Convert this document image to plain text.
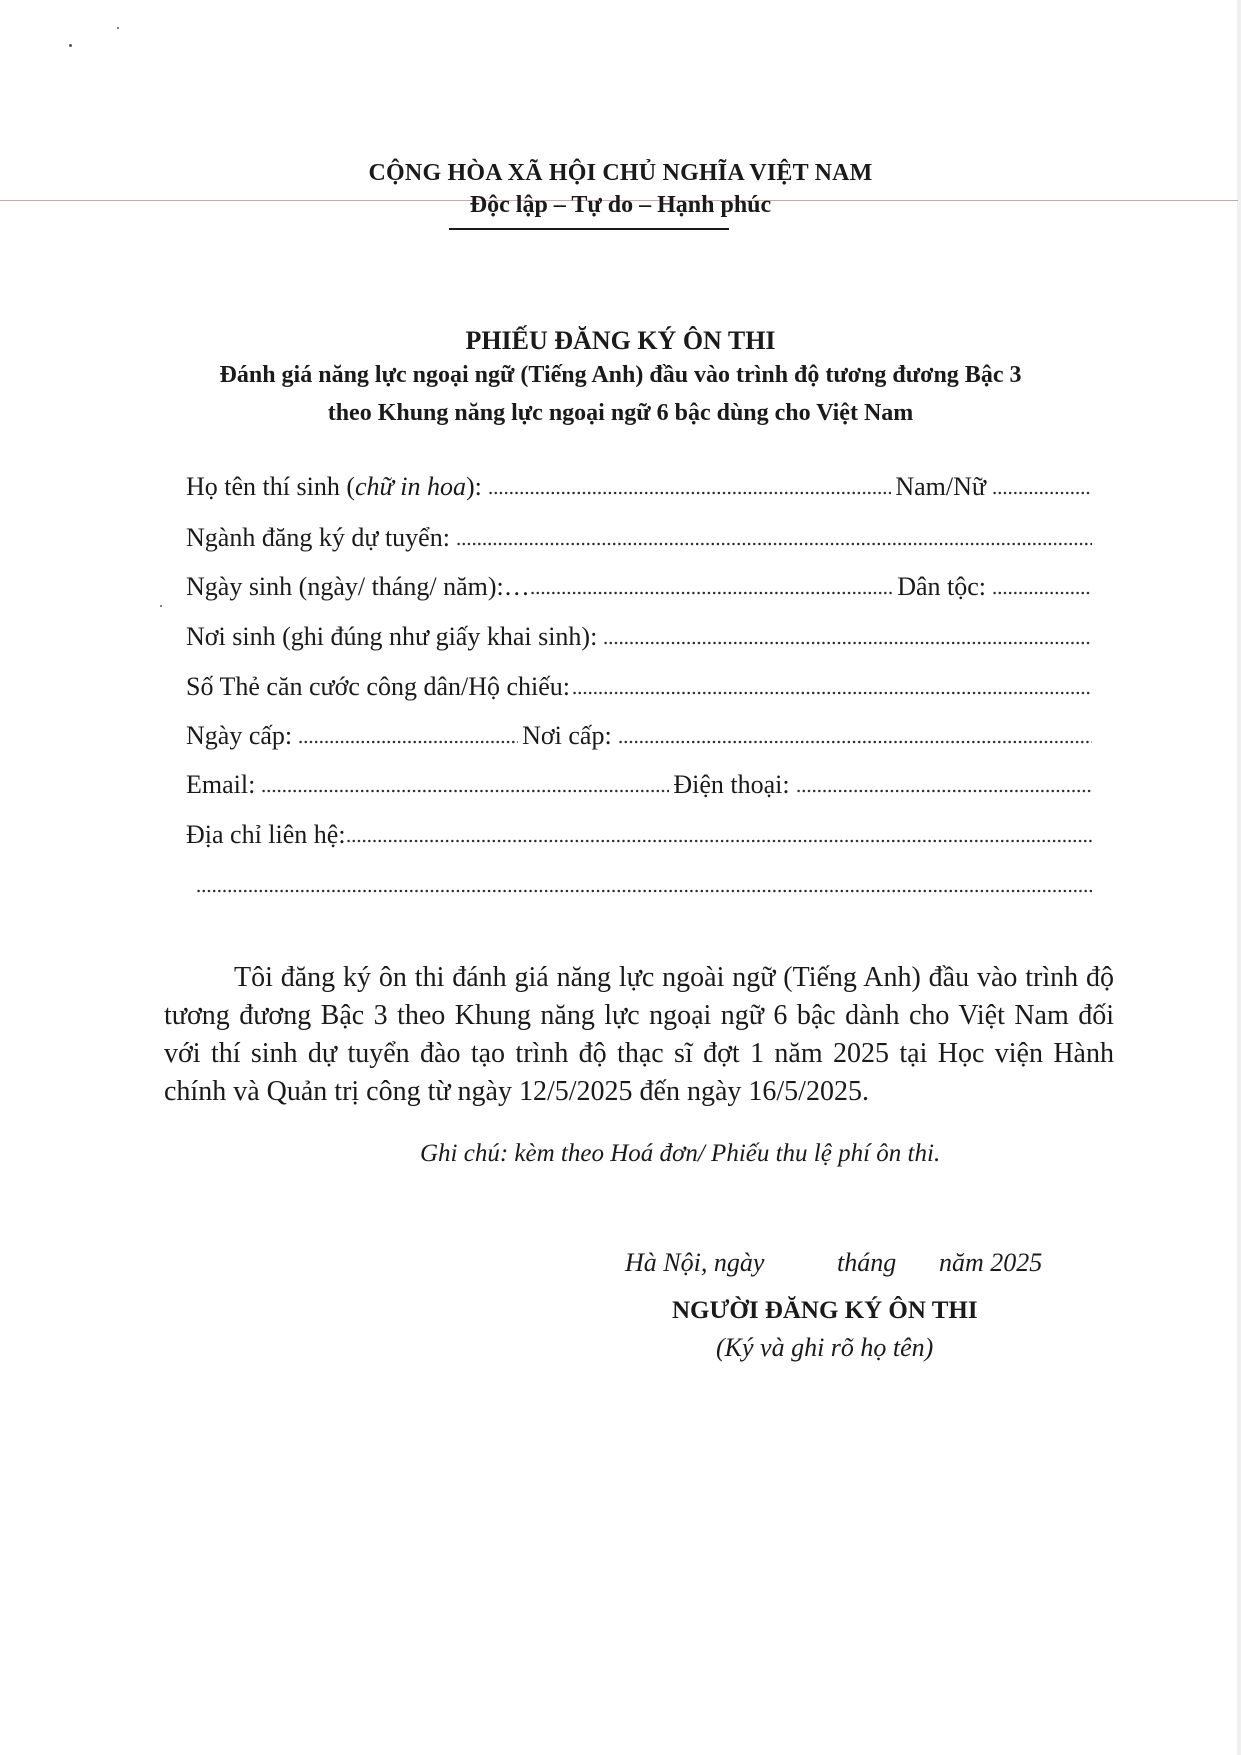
CỘNG HÒA XÃ HỘI CHỦ NGHĨA VIỆT NAM
Độc lập – Tự do – Hạnh phúc
PHIẾU ĐĂNG KÝ ÔN THI
Đánh giá năng lực ngoại ngữ (Tiếng Anh) đầu vào trình độ tương đương Bậc 3
theo Khung năng lực ngoại ngữ 6 bậc dùng cho Việt Nam
Họ tên thí sinh (chữ in hoa):	Nam/Nữ
Ngành đăng ký dự tuyển:
Ngày sinh (ngày/ tháng/ năm):…	Dân tộc:
Nơi sinh (ghi đúng như giấy khai sinh):
Số Thẻ căn cước công dân/Hộ chiếu:
Ngày cấp:	Nơi cấp:
Email:	Điện thoại:
Địa chỉ liên hệ:
Tôi đăng ký ôn thi đánh giá năng lực ngoài ngữ (Tiếng Anh) đầu vào trình độ tương đương Bậc 3 theo Khung năng lực ngoại ngữ 6 bậc dành cho Việt Nam đối với thí sinh dự tuyển đào tạo trình độ thạc sĩ đợt 1 năm 2025 tại Học viện Hành chính và Quản trị công từ ngày 12/5/2025 đến ngày 16/5/2025.
Ghi chú: kèm theo Hoá đơn/ Phiếu thu lệ phí ôn thi.
Hà Nội, ngày	tháng năm 2025
NGƯỜI ĐĂNG KÝ ÔN THI
(Ký và ghi rõ họ tên)
